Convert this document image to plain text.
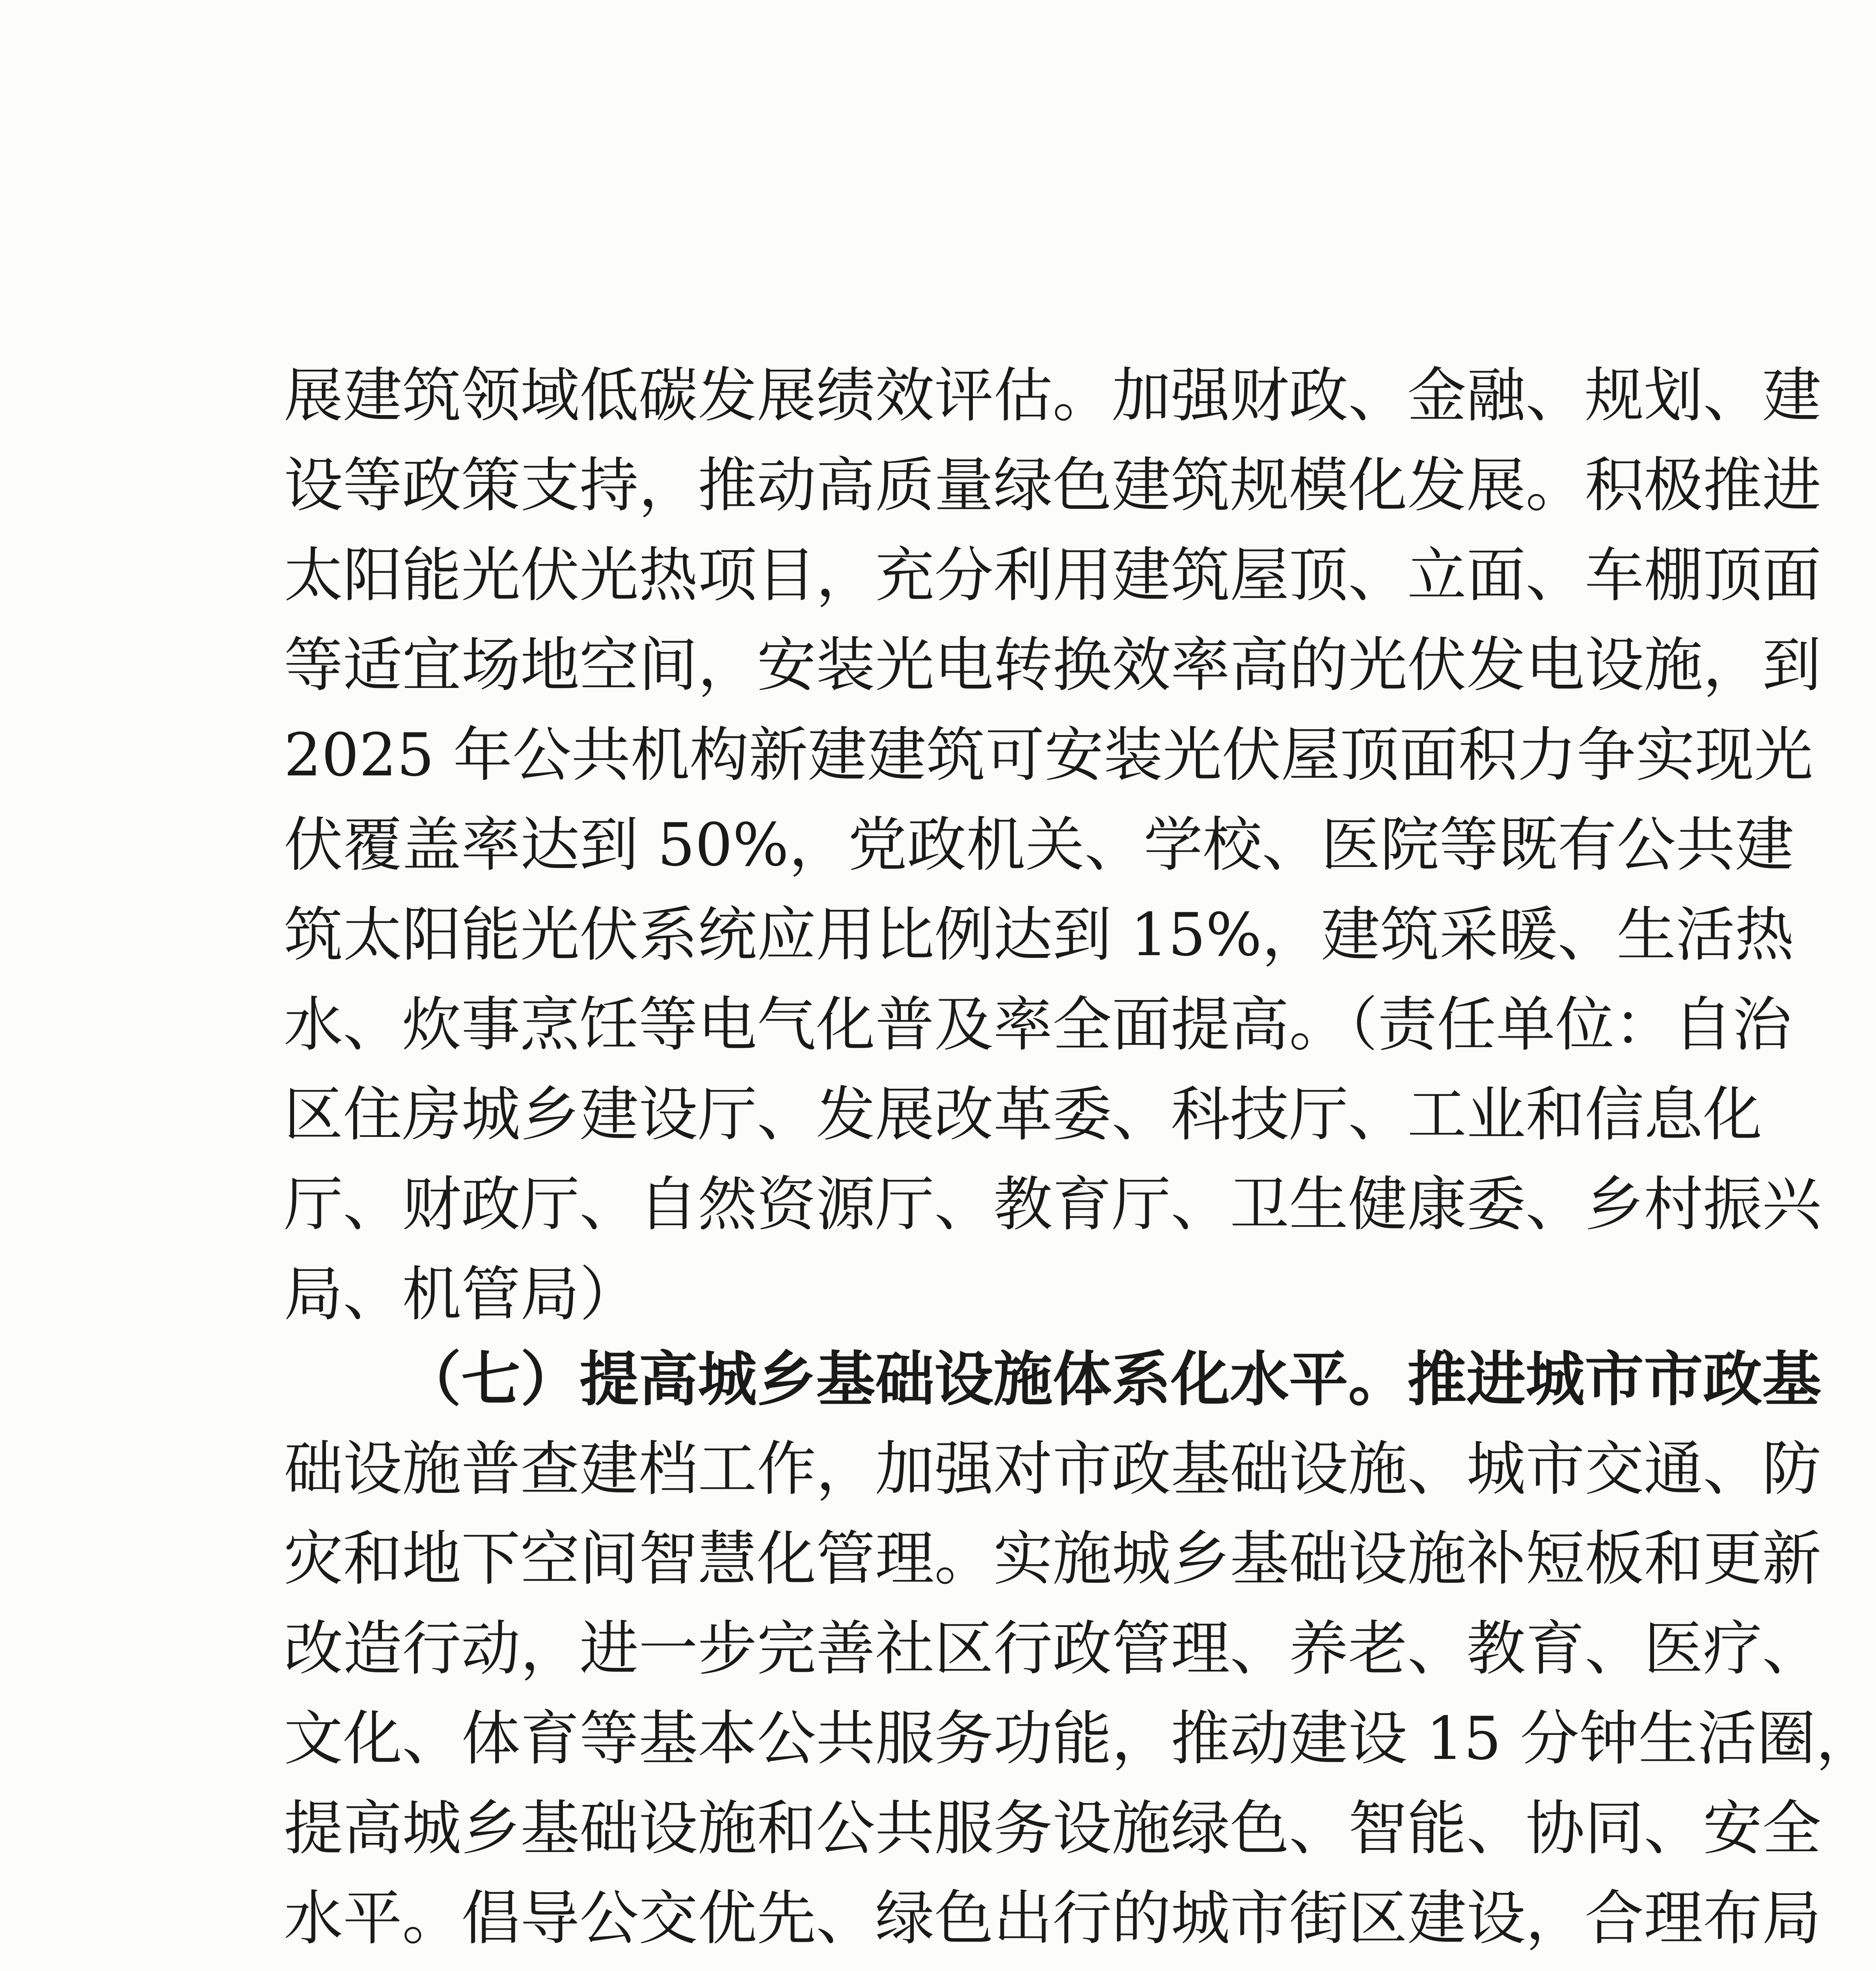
展建筑领域低碳发展绩效评估。加强财政、金融、规划、建
设等政策支持，推动高质量绿色建筑规模化发展。积极推进
太阳能光伏光热项目，充分利用建筑屋顶、立面、车棚顶面
等适宜场地空间，安装光电转换效率高的光伏发电设施，到
2025 年公共机构新建建筑可安装光伏屋顶面积力争实现光
伏覆盖率达到 50%，党政机关、学校、医院等既有公共建
筑太阳能光伏系统应用比例达到 15%，建筑采暖、生活热
水、炊事烹饪等电气化普及率全面提高。（责任单位：自治
区住房城乡建设厅、发展改革委、科技厅、工业和信息化
厅、财政厅、自然资源厅、教育厅、卫生健康委、乡村振兴
局、机管局）
（七）提高城乡基础设施体系化水平。推进城市市政基
础设施普查建档工作，加强对市政基础设施、城市交通、防
灾和地下空间智慧化管理。实施城乡基础设施补短板和更新
改造行动，进一步完善社区行政管理、养老、教育、医疗、
文化、体育等基本公共服务功能，推动建设 15 分钟生活圈，
提高城乡基础设施和公共服务设施绿色、智能、协同、安全
水平。倡导公交优先、绿色出行的城市街区建设，合理布局
